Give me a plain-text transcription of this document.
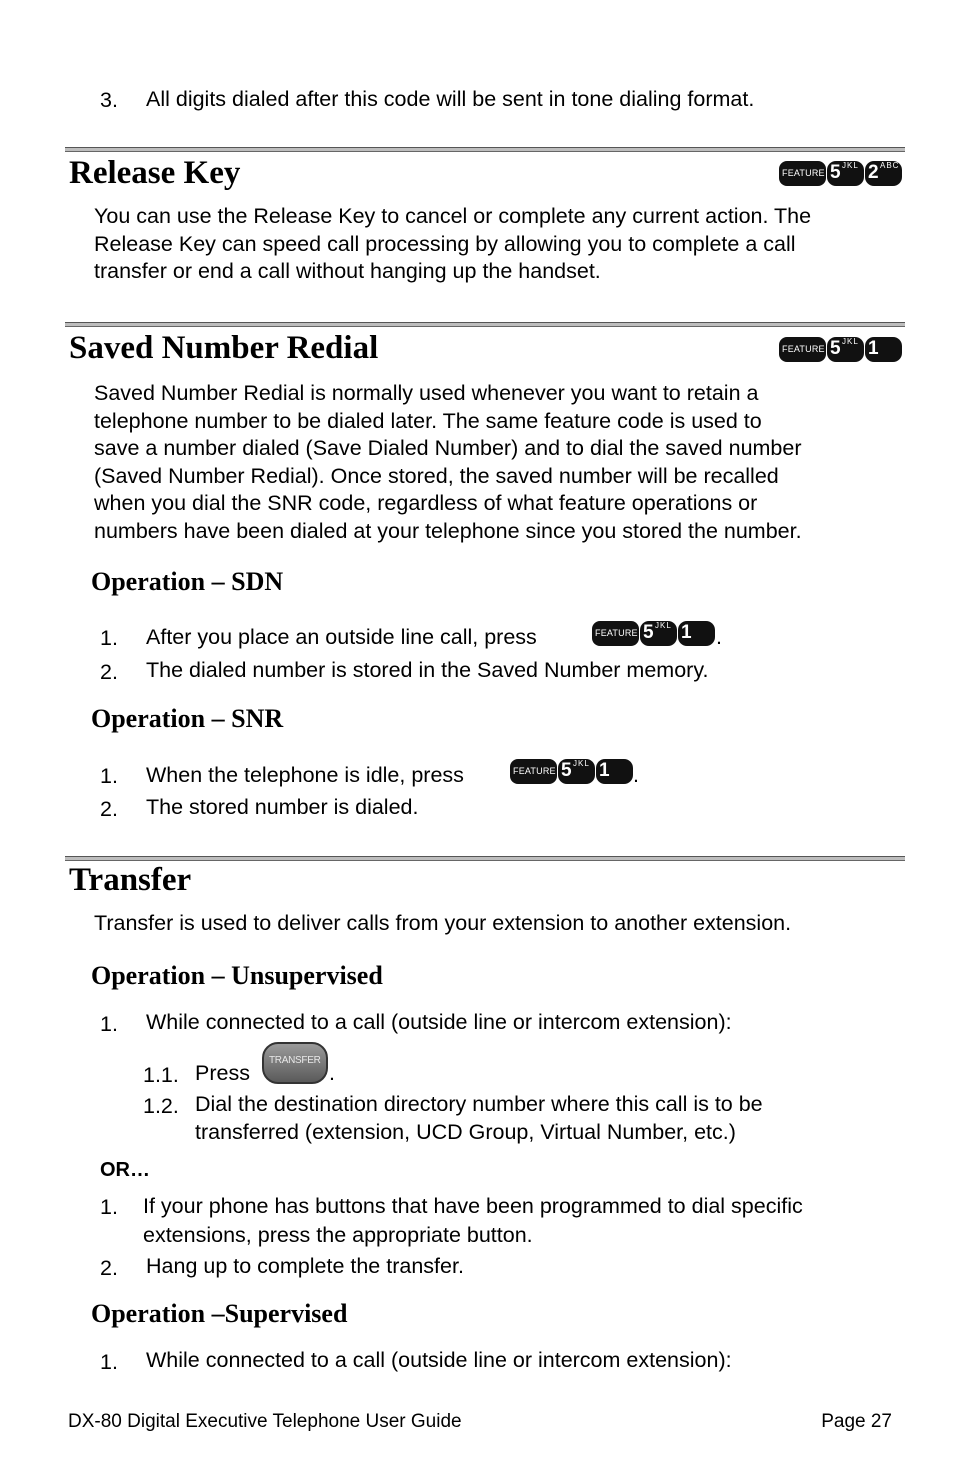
3. All digits dialed after this code will be sent in tone dialing format.
Release Key	FEATURE 5 JKL 2 ABC
You can use the Release Key to cancel or complete any current action. The
Release Key can speed call processing by allowing you to complete a call
transfer or end a call without hanging up the handset.
Saved Number Redial	FEATURE 5 JKL 1
Saved Number Redial is normally used whenever you want to retain a
telephone number to be dialed later. The same feature code is used to
save a number dialed (Save Dialed Number) and to dial the saved number
(Saved Number Redial). Once stored, the saved number will be recalled
when you dial the SNR code, regardless of what feature operations or
numbers have been dialed at your telephone since you stored the number.
Operation – SDN
1. After you place an outside line call, press	FEATURE 5 JKL 1 .
2. The dialed number is stored in the Saved Number memory.
Operation – SNR
1. When the telephone is idle, press	FEATURE 5 JKL 1 .
2. The stored number is dialed.
Transfer
Transfer is used to deliver calls from your extension to another extension.
Operation – Unsupervised
1. While connected to a call (outside line or intercom extension):
1.1. Press
TRANSFER
.
1.2. Dial the destination directory number where this call is to be
transferred (extension, UCD Group, Virtual Number, etc.)
OR…
1. If your phone has buttons that have been programmed to dial specific
extensions, press the appropriate button.
2. Hang up to complete the transfer.
Operation –Supervised
1. While connected to a call (outside line or intercom extension):
DX-80 Digital Executive Telephone User Guide	Page 27
